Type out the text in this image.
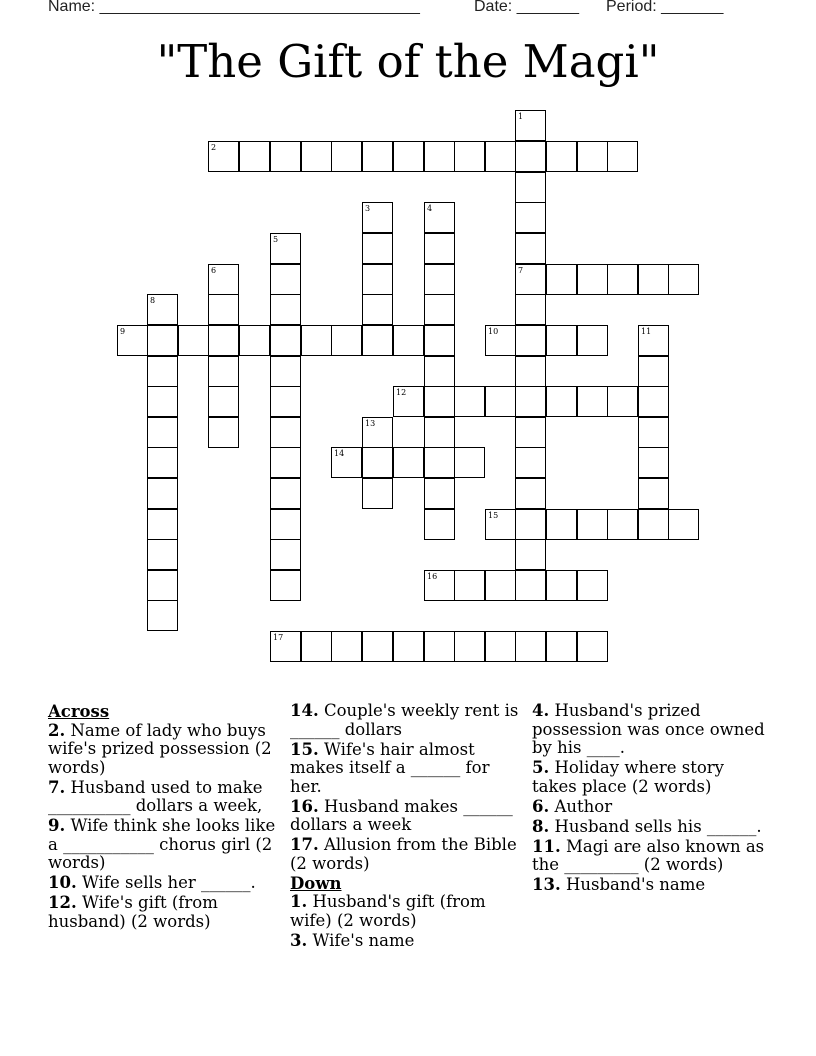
Name: ____________________________________	Date: _______ Period: _______
"The Gift of the Magi"
1
2
3	4
5
6	7
8
9	10	11
12
13
14
15
16
17
Across
2. Name of lady who buys wife's prized possession (2 words)
7. Husband used to make __________ dollars a week,
9. Wife think she looks like a ___________ chorus girl (2 words)
10. Wife sells her ______.
12. Wife's gift (from husband) (2 words)
14. Couple's weekly rent is ______ dollars
15. Wife's hair almost makes itself a ______ for her.
16. Husband makes ______ dollars a week
17. Allusion from the Bible (2 words)
Down
1. Husband's gift (from wife) (2 words)
3. Wife's name
4. Husband's prized possession was once owned by his ____.
5. Holiday where story takes place (2 words)
6. Author
8. Husband sells his ______.
11. Magi are also known as the _________ (2 words)
13. Husband's name
